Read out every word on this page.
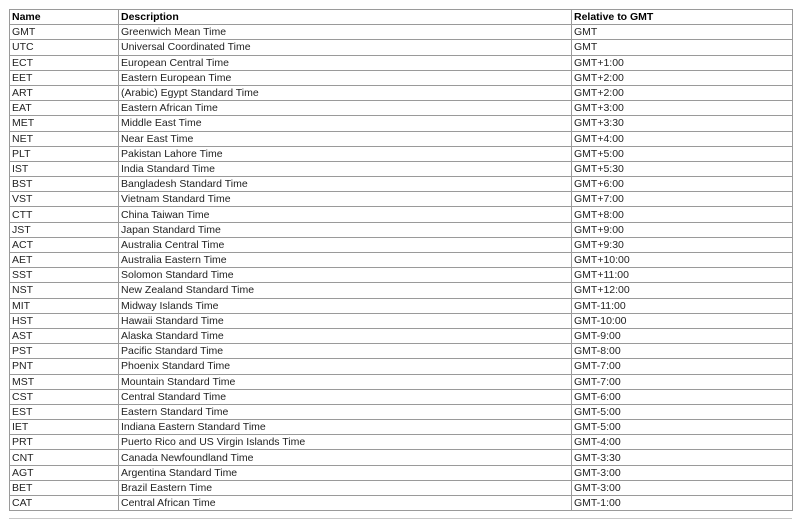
Name	Description	Relative to GMT
GMT	Greenwich Mean Time	GMT
UTC	Universal Coordinated Time	GMT
ECT	European Central Time	GMT+1:00
EET	Eastern European Time	GMT+2:00
ART	(Arabic) Egypt Standard Time	GMT+2:00
EAT	Eastern African Time	GMT+3:00
MET	Middle East Time	GMT+3:30
NET	Near East Time	GMT+4:00
PLT	Pakistan Lahore Time	GMT+5:00
IST	India Standard Time	GMT+5:30
BST	Bangladesh Standard Time	GMT+6:00
VST	Vietnam Standard Time	GMT+7:00
CTT	China Taiwan Time	GMT+8:00
JST	Japan Standard Time	GMT+9:00
ACT	Australia Central Time	GMT+9:30
AET	Australia Eastern Time	GMT+10:00
SST	Solomon Standard Time	GMT+11:00
NST	New Zealand Standard Time	GMT+12:00
MIT	Midway Islands Time	GMT-11:00
HST	Hawaii Standard Time	GMT-10:00
AST	Alaska Standard Time	GMT-9:00
PST	Pacific Standard Time	GMT-8:00
PNT	Phoenix Standard Time	GMT-7:00
MST	Mountain Standard Time	GMT-7:00
CST	Central Standard Time	GMT-6:00
EST	Eastern Standard Time	GMT-5:00
IET	Indiana Eastern Standard Time	GMT-5:00
PRT	Puerto Rico and US Virgin Islands Time	GMT-4:00
CNT	Canada Newfoundland Time	GMT-3:30
AGT	Argentina Standard Time	GMT-3:00
BET	Brazil Eastern Time	GMT-3:00
CAT	Central African Time	GMT-1:00
